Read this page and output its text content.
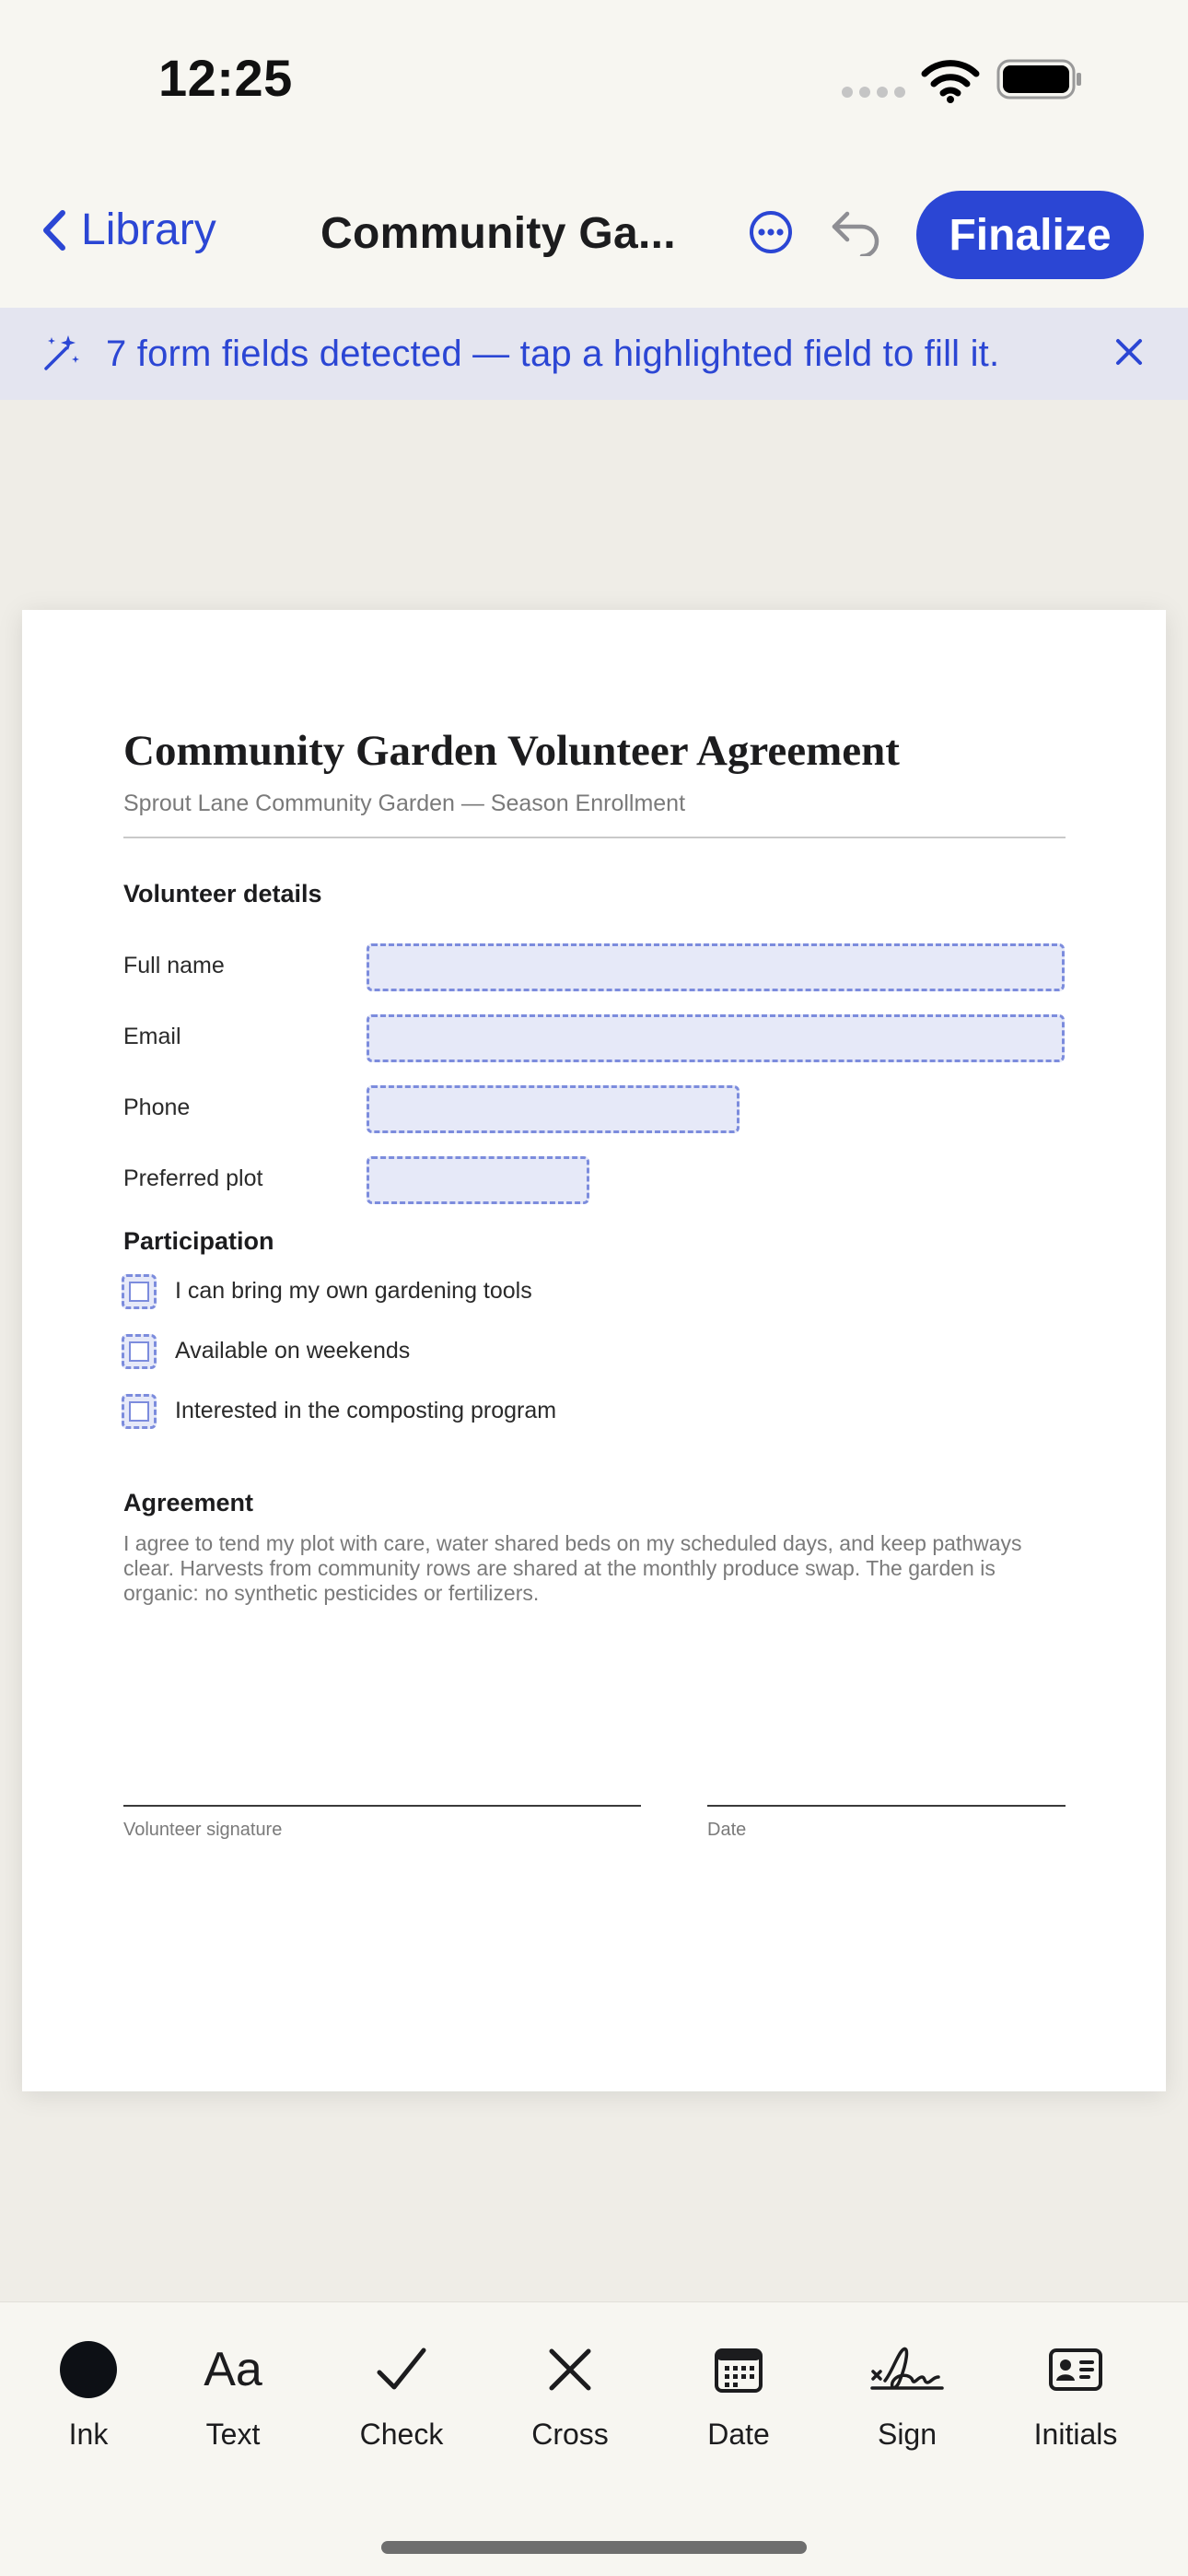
12:25
Library Community Ga...	Finalize
7 form fields detected — tap a highlighted field to fill it.
Community Garden Volunteer Agreement
Sprout Lane Community Garden — Season Enrollment
Volunteer details
Full name
Email
Phone
Preferred plot
Participation
I can bring my own gardening tools
Available on weekends
Interested in the composting program
Agreement
I agree to tend my plot with care, water shared beds on my scheduled days, and keep pathways clear. Harvests from community rows are shared at the monthly produce swap. The garden is organic: no synthetic pesticides or fertilizers.
Volunteer signature	Date
Ink
Aa
Text	Check	Cross	Date	Sign	Initials
